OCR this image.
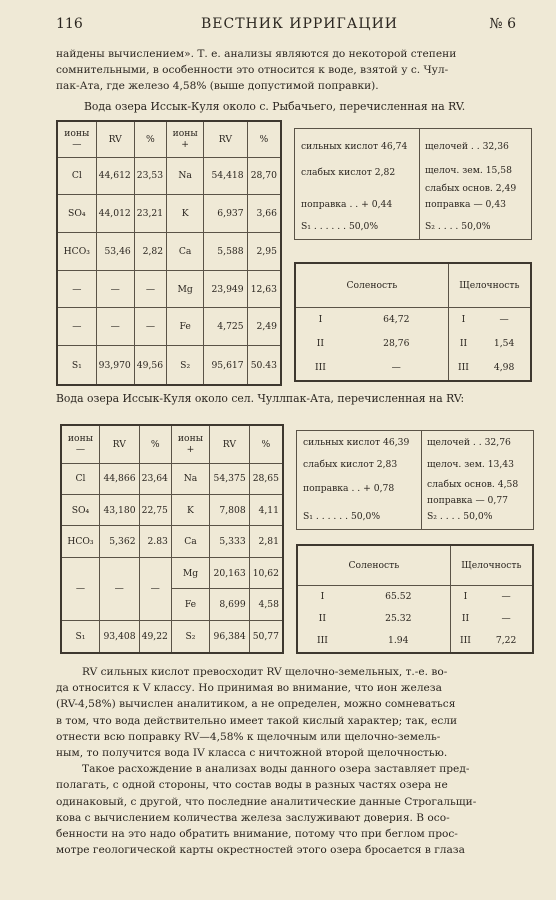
116	ВЕСТНИК ИРРИГАЦИИ	№ 6
найдены вычислением». Т. е. анализы являются до некоторой степени
сомнительными, в особенности это относится к воде, взятой у с. Чул-
пак-Ата, где железо 4,58% (выше допустимой поправки).
Вода озера Иссык-Куля около с. Рыбачьего, перечисленная на RV.
ионы —	RV	%	ионы +	RV	%
Cl	44,612	23,53	Na	54,418	28,70
SO₄	44,012	23,21	K	6,937	3,66
HCO₃	53,46	2,82	Ca	5,588	2,95
—	—	—	Mg	23,949	12,63
—	—	—	Fe	4,725	2,49
S₁	93,970	49,56	S₂	95,617	50.43
сильных кислот 46,74
слабых кислот 2,82
поправка . . + 0,44
S₁ . . . . . . 50,0%
щелочей . . 32,36
щелоч. зем. 15,58
слабых основ. 2,49
поправка — 0,43
S₂ . . . . 50,0%
Соленость		Щелочность	
I	64,72	I	—
II	28,76	II	1,54
III	—	III	4,98
Вода озера Иссык-Куля около сел. Чуллпак-Ата, перечисленная на RV:
ионы —	RV	%	ионы +	RV	%
Cl	44,866	23,64	Na	54,375	28,65
SO₄	43,180	22,75	K	7,808	4,11
HCO₃	5,362	2.83	Ca	5,333	2,81
—	—	—	Mg	20,163	10,62
			Fe	8,699	4,58
S₁	93,408	49,22	S₂	96,384	50,77
сильных кислот 46,39
слабых кислот 2,83
поправка . . + 0,78
S₁ . . . . . . 50,0%
щелочей . . 32,76
щелоч. зем. 13,43
слабых основ. 4,58
поправка — 0,77
S₂ . . . . 50,0%
Соленость		Щелочность	
I	65.52	I	—
II	25.32	II	—
III	1.94	III	7,22
RV сильных кислот превосходит RV щелочно-земельных, т.-е. во-
да относится к V классу. Но принимая во внимание, что ион железа
(RV-4,58%) вычислен аналитиком, а не определен, можно сомневаться
в том, что вода действительно имеет такой кислый характер; так, если
отнести всю поправку RV—4,58% к щелочным или щелочно-земель-
ным, то получится вода IV класса с ничтожной второй щелочностью.
Такое расхождение в анализах воды данного озера заставляет пред-
полагать, с одной стороны, что состав воды в разных частях озера не
одинаковый, с другой, что последние аналитические данные Строгальщи-
кова с вычислением количества железа заслуживают доверия. В осо-
бенности на это надо обратить внимание, потому что при беглом прос-
мотре геологической карты окрестностей этого озера бросается в глаза
